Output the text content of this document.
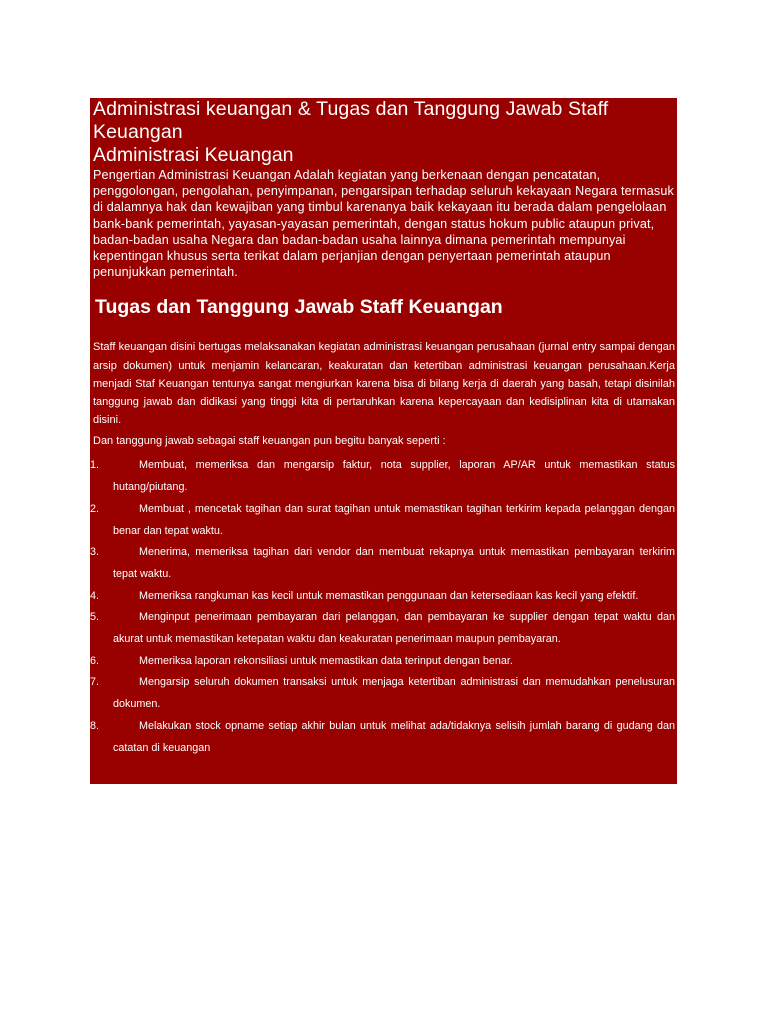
Administrasi keuangan & Tugas dan Tanggung Jawab Staff Keuangan
Administrasi Keuangan

Pengertian Administrasi Keuangan Adalah kegiatan yang berkenaan dengan pencatatan, penggolongan, pengolahan, penyimpanan, pengarsipan terhadap seluruh kekayaan Negara termasuk di dalamnya hak dan kewajiban yang timbul karenanya baik kekayaan itu berada dalam pengelolaan bank-bank pemerintah, yayasan-yayasan pemerintah, dengan status hokum public ataupun privat, badan-badan usaha Negara dan badan-badan usaha lainnya dimana pemerintah mempunyai kepentingan khusus serta terikat dalam perjanjian dengan penyertaan pemerintah ataupun penunjukkan pemerintah.

Tugas dan Tanggung Jawab Staff Keuangan

Staff keuangan disini bertugas melaksanakan kegiatan administrasi keuangan perusahaan (jurnal entry sampai dengan arsip dokumen) untuk menjamin kelancaran, keakuratan dan ketertiban administrasi keuangan perusahaan.Kerja menjadi Staf Keuangan tentunya sangat mengiurkan karena bisa di bilang kerja di daerah yang basah, tetapi disinilah tanggung jawab dan didikasi yang tinggi kita di pertaruhkan karena kepercayaan dan kedisiplinan kita di utamakan disini.

Dan tanggung jawab sebagai staff keuangan pun begitu banyak seperti :

1.	Membuat, memeriksa dan mengarsip faktur, nota supplier, laporan AP/AR untuk memastikan status hutang/piutang.
2.	Membuat , mencetak tagihan dan surat tagihan untuk memastikan tagihan terkirim kepada pelanggan dengan benar dan tepat waktu.
3.	Menerima, memeriksa tagihan dari vendor dan membuat rekapnya untuk memastikan pembayaran terkirim tepat waktu.
4.	Memeriksa rangkuman kas kecil untuk memastikan penggunaan dan ketersediaan kas kecil yang efektif.
5.	Menginput penerimaan pembayaran dari pelanggan, dan pembayaran ke supplier dengan tepat waktu dan akurat untuk memastikan ketepatan waktu dan keakuratan penerimaan maupun pembayaran.
6.	Memeriksa laporan rekonsiliasi untuk memastikan data terinput dengan benar.
7.	Mengarsip seluruh dokumen transaksi untuk menjaga ketertiban administrasi dan memudahkan penelusuran dokumen.
8.	Melakukan stock opname setiap akhir bulan untuk melihat ada/tidaknya selisih jumlah barang di gudang dan catatan di keuangan
